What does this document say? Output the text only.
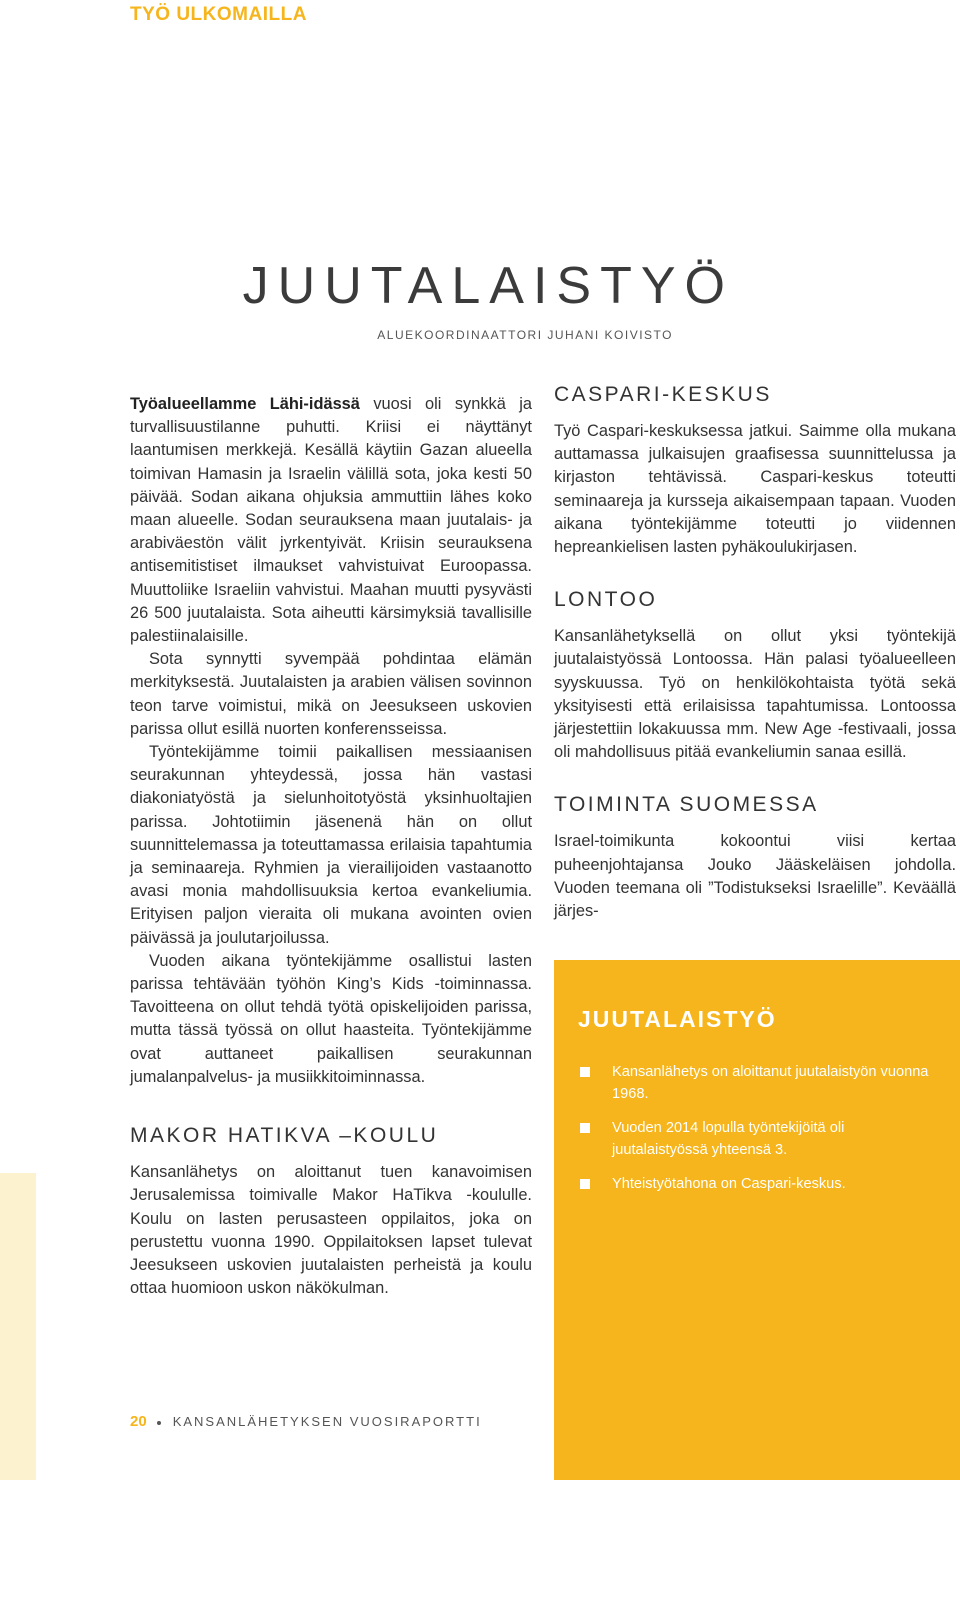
TYÖ ULKOMAILLA
JUUTALAISTYÖ
ALUEKOORDINAATTORI JUHANI KOIVISTO

Työalueellamme Lähi-idässä vuosi oli synkkä ja turvallisuustilanne puhutti. Kriisi ei näyttänyt laantumisen merkkejä. Kesällä käytiin Gazan alueella toimivan Hamasin ja Israelin välillä sota, joka kesti 50 päivää. Sodan aikana ohjuksia ammuttiin lähes koko maan alueelle. Sodan seurauksena maan juutalais- ja arabiväestön välit jyrkentyivät. Kriisin seurauksena antisemitistiset ilmaukset vahvistuivat Euroopassa. Muuttoliike Israeliin vahvistui. Maahan muutti pysyvästi 26 500 juutalaista. Sota aiheutti kärsimyksiä tavallisille palestiinalaisille.

Sota synnytti syvempää pohdintaa elämän merkityksestä. Juutalaisten ja arabien välisen sovinnon teon tarve voimistui, mikä on Jeesukseen uskovien parissa ollut esillä nuorten konferensseissa.

Työntekijämme toimii paikallisen messiaanisen seurakunnan yhteydessä, jossa hän vastasi diakoniatyöstä ja sielunhoitotyöstä yksinhuoltajien parissa. Johtotiimin jäsenenä hän on ollut suunnittelemassa ja toteuttamassa erilaisia tapahtumia ja seminaareja. Ryhmien ja vierailijoiden vastaanotto avasi monia mahdollisuuksia kertoa evankeliumia. Erityisen paljon vieraita oli mukana avointen ovien päivässä ja joulutarjoilussa.

Vuoden aikana työntekijämme osallistui lasten parissa tehtävään työhön King’s Kids -toiminnassa. Tavoitteena on ollut tehdä työtä opiskelijoiden parissa, mutta tässä työssä on ollut haasteita. Työntekijämme ovat auttaneet paikallisen seurakunnan jumalanpalvelus- ja musiikkitoiminnassa.

MAKOR HATIKVA –KOULU

Kansanlähetys on aloittanut tuen kanavoimisen Jerusalemissa toimivalle Makor HaTikva -koululle. Koulu on lasten perusasteen oppilaitos, joka on perustettu vuonna 1990. Oppilaitoksen lapset tulevat Jeesukseen uskovien juutalaisten perheistä ja koulu ottaa huomioon uskon näkökulman.

CASPARI-KESKUS

Työ Caspari-keskuksessa jatkui. Saimme olla mukana auttamassa julkaisujen graafisessa suunnittelussa ja kirjaston tehtävissä. Caspari-keskus toteutti seminaareja ja kursseja aikaisempaan tapaan. Vuoden aikana työntekijämme toteutti jo viidennen hepreankielisen lasten pyhäkoulukirjasen.

LONTOO

Kansanlähetyksellä on ollut yksi työntekijä juutalaistyössä Lontoossa. Hän palasi työalueelleen syyskuussa. Työ on henkilökohtaista työtä sekä yksityisesti että erilaisissa tapahtumissa. Lontoossa järjestettiin lokakuussa mm. New Age -festivaali, jossa oli mahdollisuus pitää evankeliumin sanaa esillä.

TOIMINTA SUOMESSA

Israel-toimikunta kokoontui viisi kertaa puheenjohtajansa Jouko Jääskeläisen johdolla. Vuoden teemana oli ”Todistukseksi Israelille”. Keväällä järjes-

JUUTALAISTYÖ
Kansanlähetys on aloittanut juutalaistyön vuonna 1968.
Vuoden 2014 lopulla työntekijöitä oli juutalaistyössä yhteensä 3.
Yhteistyötahona on Caspari-keskus.
YHTEYSHENKILÖ
Aluekoordinaattori
Juhani Koivisto, SEKL
044 4477 812
20 KANSANLÄHETYKSEN VUOSIRAPORTTI
